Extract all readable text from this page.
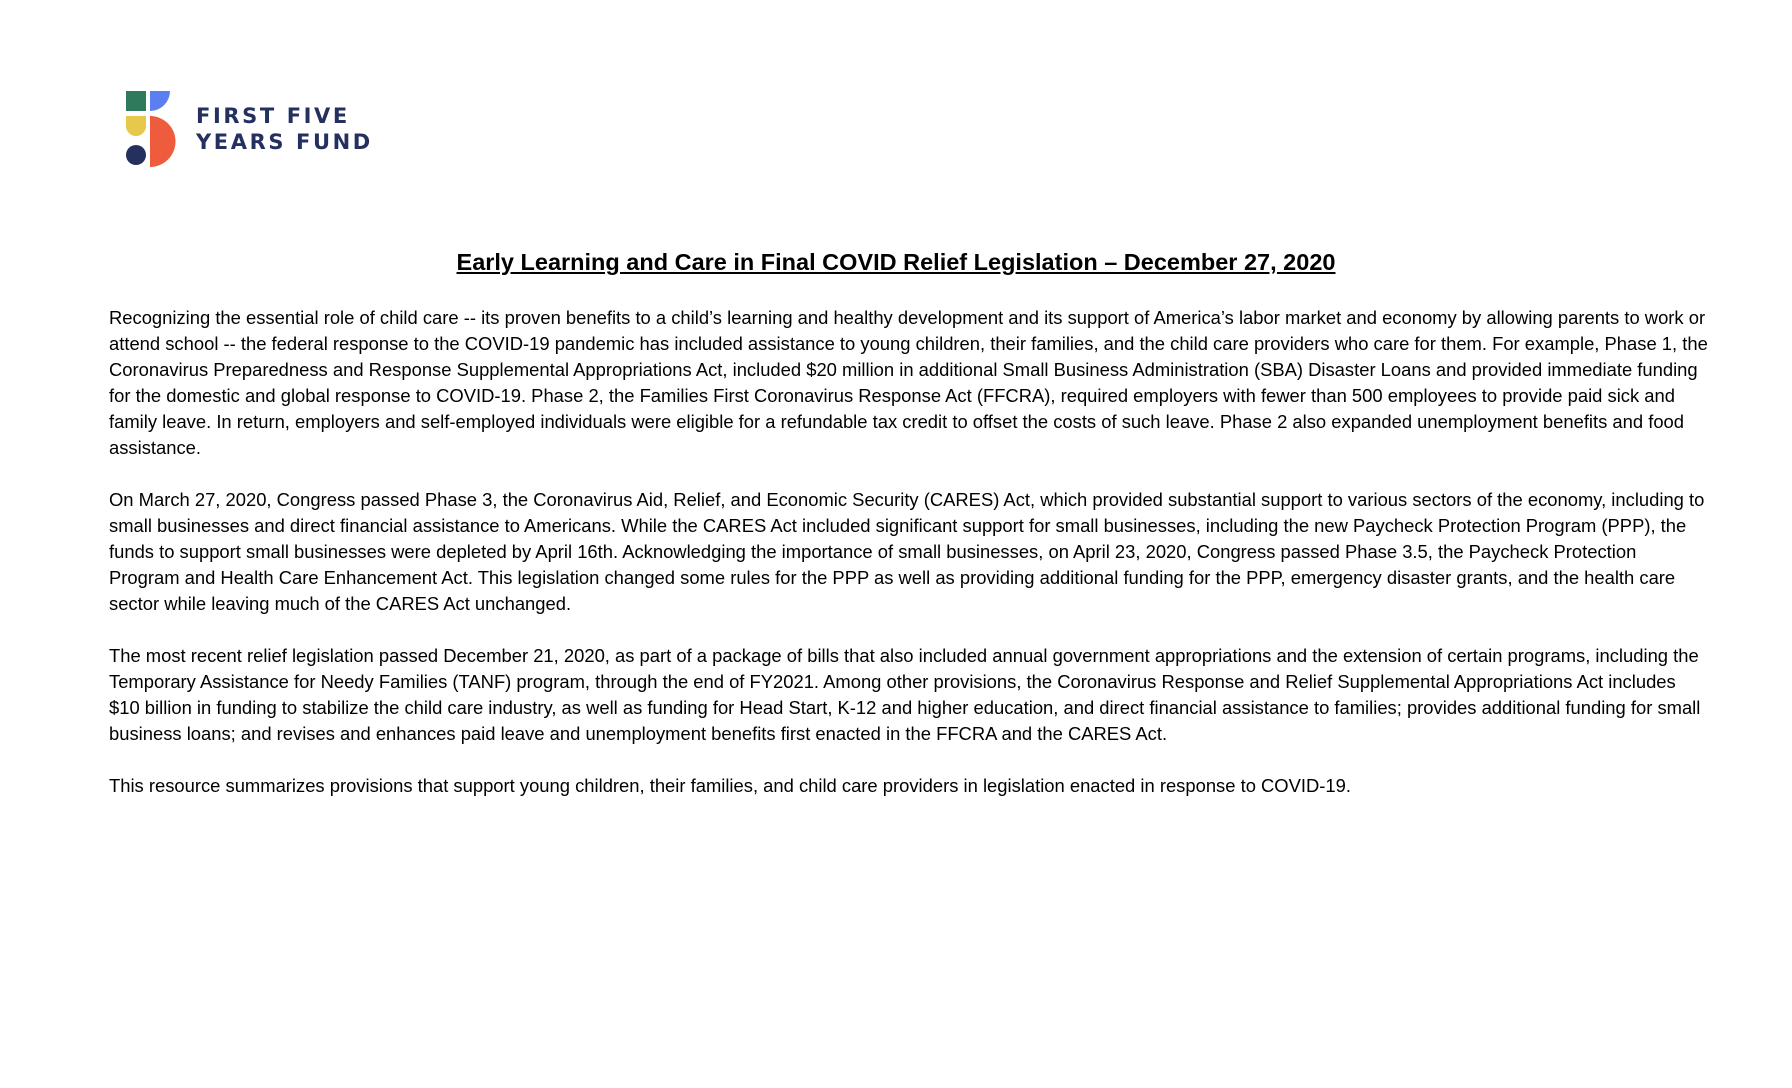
FIRST FIVE
YEARS FUND
Early Learning and Care in Final COVID Relief Legislation – December 27, 2020

Recognizing the essential role of child care -- its proven benefits to a child’s learning and healthy development and its support of America’s labor market and economy by allowing parents to work or attend school -- the federal response to the COVID-19 pandemic has included assistance to young children, their families, and the child care providers who care for them. For example, Phase 1, the Coronavirus Preparedness and Response Supplemental Appropriations Act, included $20 million in additional Small Business Administration (SBA) Disaster Loans and provided immediate funding for the domestic and global response to COVID-19. Phase 2, the Families First Coronavirus Response Act (FFCRA), required employers with fewer than 500 employees to provide paid sick and family leave. In return, employers and self-employed individuals were eligible for a refundable tax credit to offset the costs of such leave. Phase 2 also expanded unemployment benefits and food assistance.

On March 27, 2020, Congress passed Phase 3, the Coronavirus Aid, Relief, and Economic Security (CARES) Act, which provided substantial support to various sectors of the economy, including to small businesses and direct financial assistance to Americans. While the CARES Act included significant support for small businesses, including the new Paycheck Protection Program (PPP), the funds to support small businesses were depleted by April 16th. Acknowledging the importance of small businesses, on April 23, 2020, Congress passed Phase 3.5, the Paycheck Protection Program and Health Care Enhancement Act. This legislation changed some rules for the PPP as well as providing additional funding for the PPP, emergency disaster grants, and the health care sector while leaving much of the CARES Act unchanged.

The most recent relief legislation passed December 21, 2020, as part of a package of bills that also included annual government appropriations and the extension of certain programs, including the Temporary Assistance for Needy Families (TANF) program, through the end of FY2021. Among other provisions, the Coronavirus Response and Relief Supplemental Appropriations Act includes $10 billion in funding to stabilize the child care industry, as well as funding for Head Start, K-12 and higher education, and direct financial assistance to families; provides additional funding for small business loans; and revises and enhances paid leave and unemployment benefits first enacted in the FFCRA and the CARES Act.

This resource summarizes provisions that support young children, their families, and child care providers in legislation enacted in response to COVID-19.
